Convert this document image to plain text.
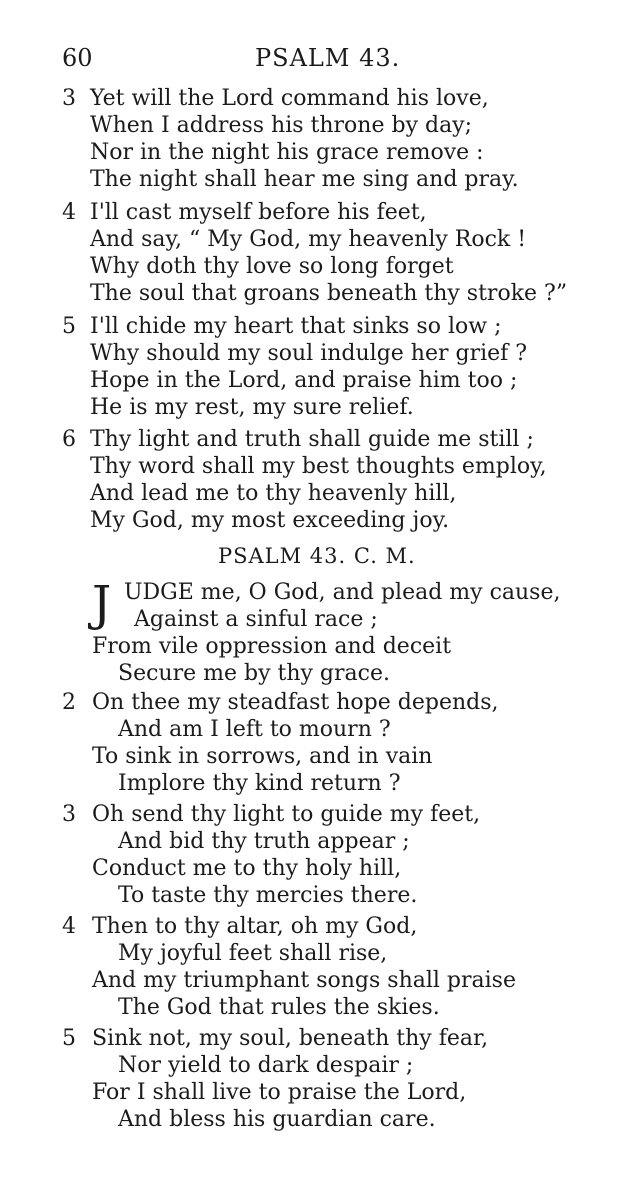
60	PSALM 43.
3 Yet will the Lord command his love,
When I address his throne by day;
Nor in the night his grace remove :
The night shall hear me sing and pray.
4 I'll cast myself before his feet,
And say, “ My God, my heavenly Rock !
Why doth thy love so long forget
The soul that groans beneath thy stroke ?”
5 I'll chide my heart that sinks so low ;
Why should my soul indulge her grief ?
Hope in the Lord, and praise him too ;
He is my rest, my sure relief.
6 Thy light and truth shall guide me still ;
Thy word shall my best thoughts employ,
And lead me to thy heavenly hill,
My God, my most exceeding joy.
PSALM 43. C. M.
J UDGE me, O God, and plead my cause,
Against a sinful race ;
From vile oppression and deceit
Secure me by thy grace.
2 On thee my steadfast hope depends,
And am I left to mourn ?
To sink in sorrows, and in vain
Implore thy kind return ?
3 Oh send thy light to guide my feet,
And bid thy truth appear ;
Conduct me to thy holy hill,
To taste thy mercies there.
4 Then to thy altar, oh my God,
My joyful feet shall rise,
And my triumphant songs shall praise
The God that rules the skies.
5 Sink not, my soul, beneath thy fear,
Nor yield to dark despair ;
For I shall live to praise the Lord,
And bless his guardian care.
